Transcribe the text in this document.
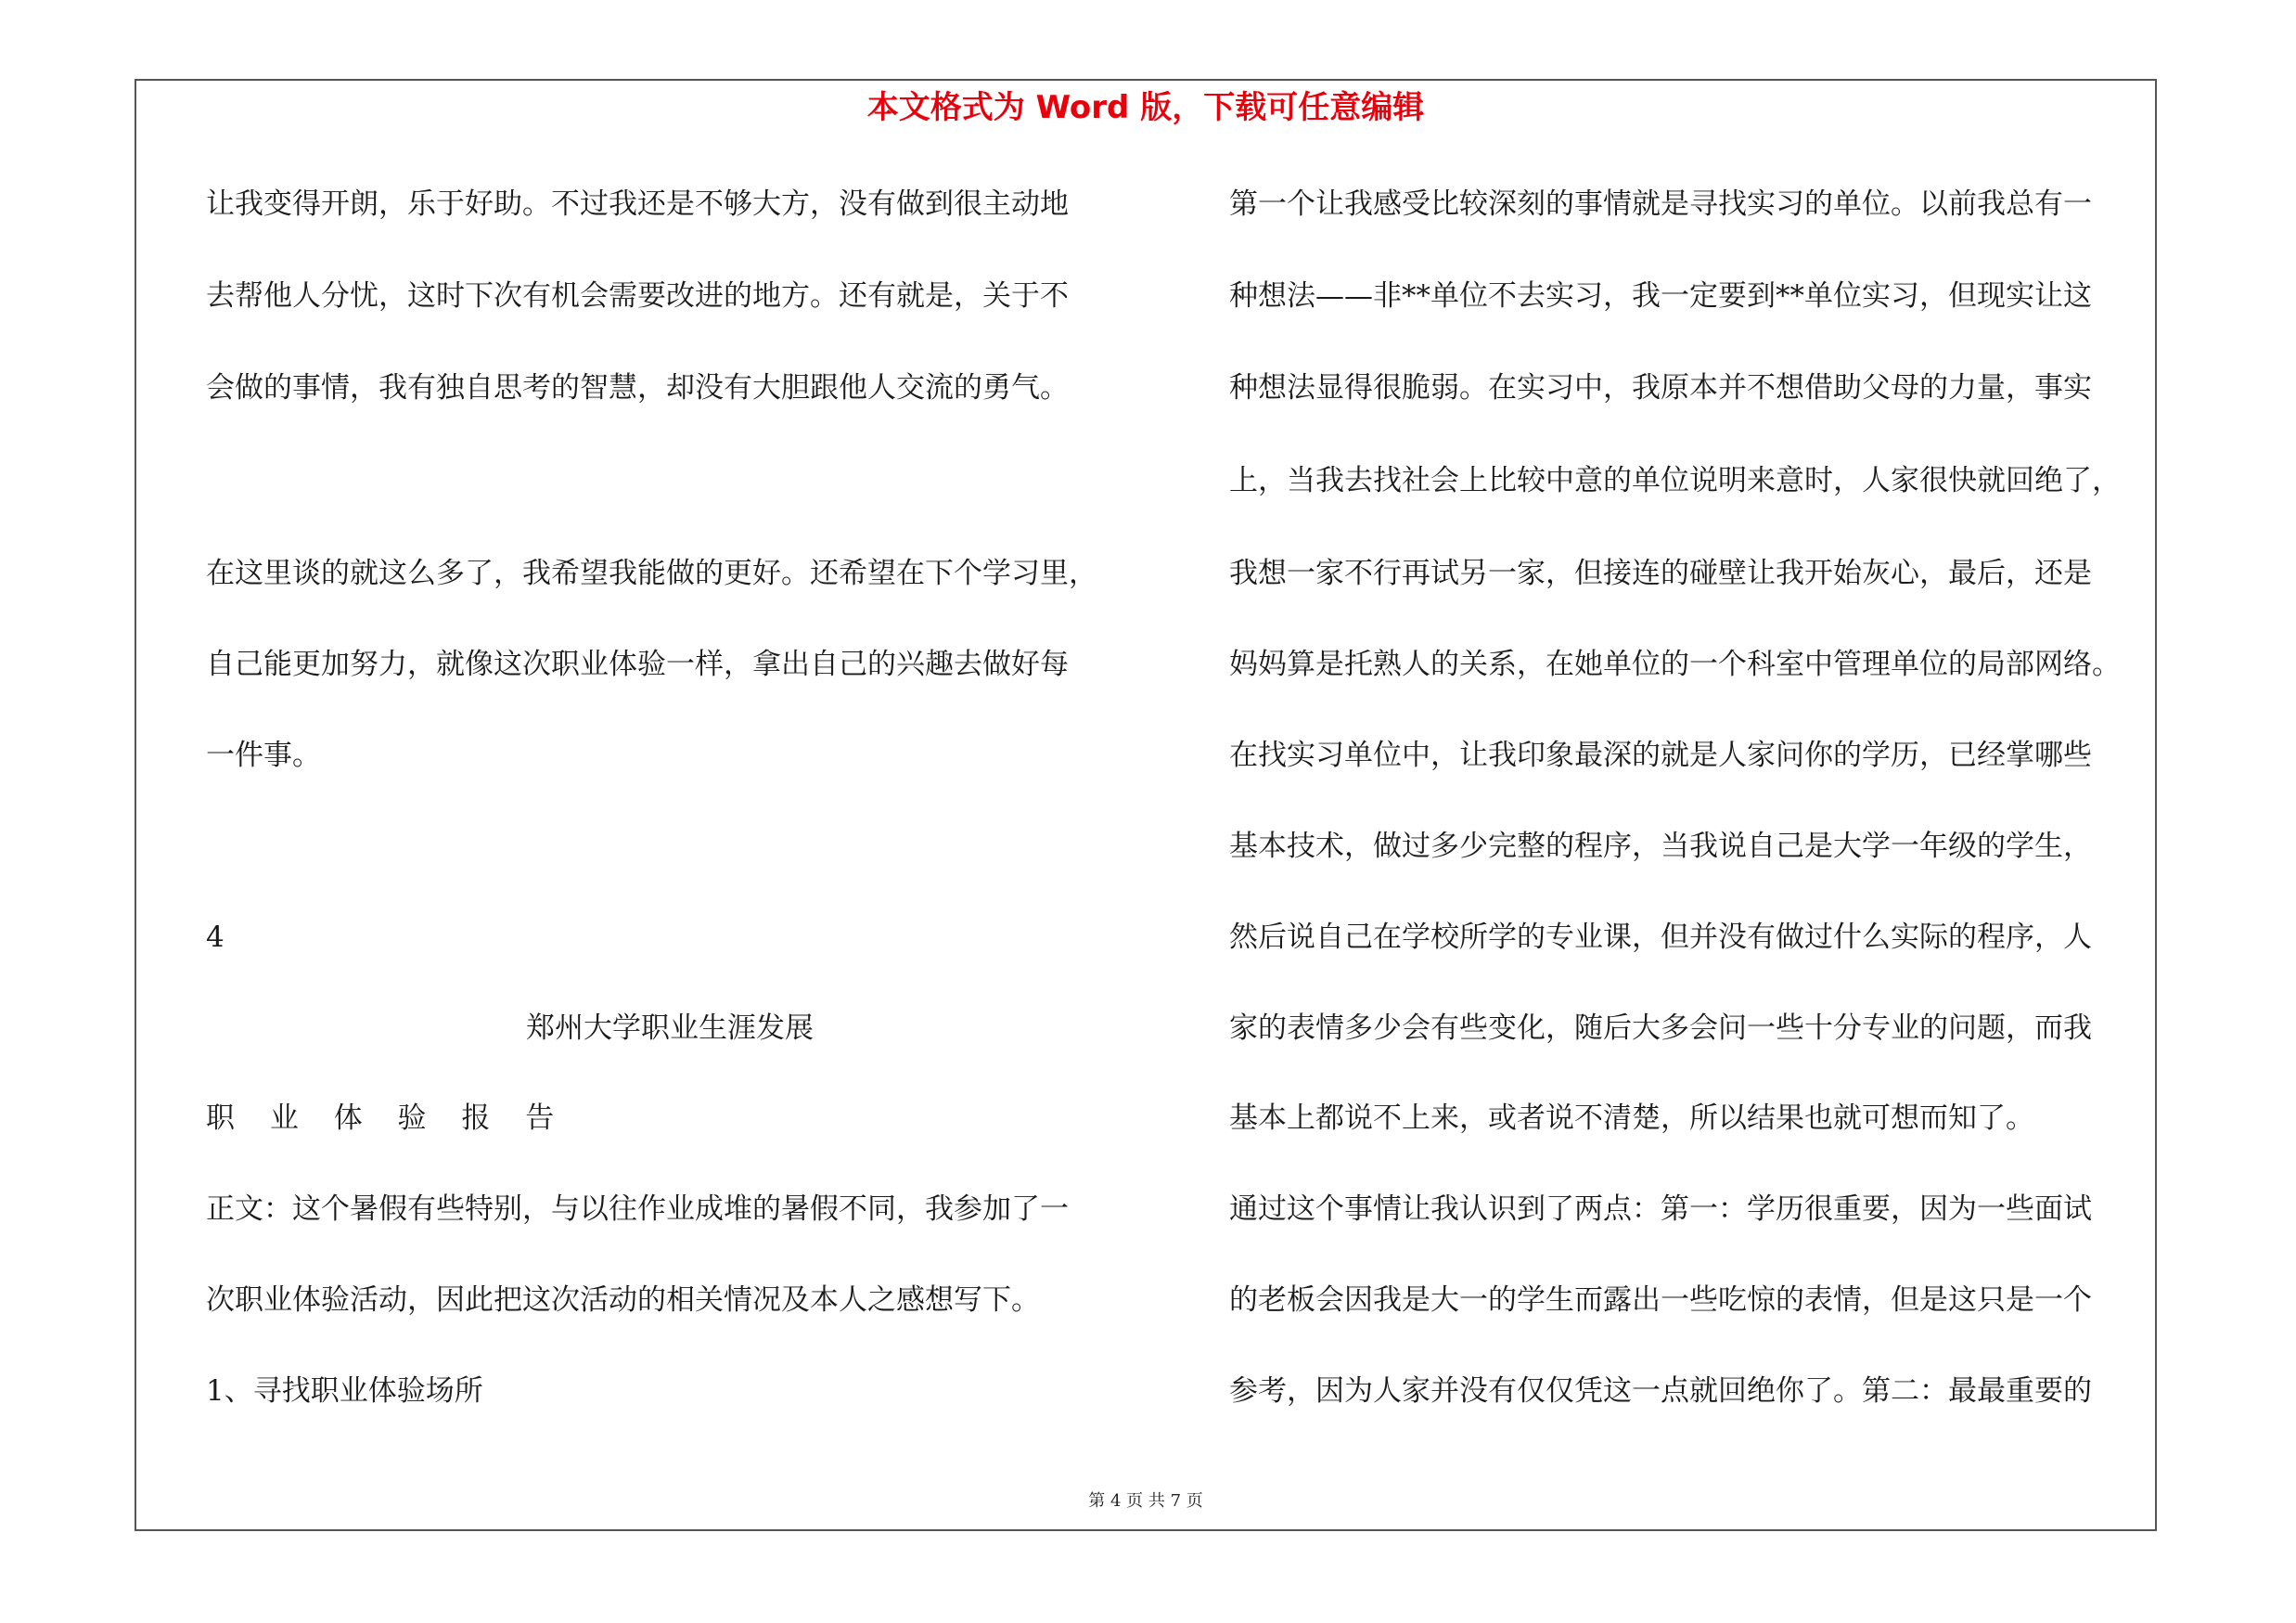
本文格式为 Word 版，下载可任意编辑
让我变得开朗，乐于好助。不过我还是不够大方，没有做到很主动地
去帮他人分忧，这时下次有机会需要改进的地方。还有就是，关于不
会做的事情，我有独自思考的智慧，却没有大胆跟他人交流的勇气。
在这里谈的就这么多了，我希望我能做的更好。还希望在下个学习里，
自己能更加努力，就像这次职业体验一样，拿出自己的兴趣去做好每
一件事。
4
郑州大学职业生涯发展
职 业 体 验 报 告
正文：这个暑假有些特别，与以往作业成堆的暑假不同，我参加了一
次职业体验活动，因此把这次活动的相关情况及本人之感想写下。
1、寻找职业体验场所
第一个让我感受比较深刻的事情就是寻找实习的单位。以前我总有一
种想法——非**单位不去实习，我一定要到**单位实习，但现实让这
种想法显得很脆弱。在实习中，我原本并不想借助父母的力量，事实
上，当我去找社会上比较中意的单位说明来意时，人家很快就回绝了，
我想一家不行再试另一家，但接连的碰壁让我开始灰心，最后，还是
妈妈算是托熟人的关系，在她单位的一个科室中管理单位的局部网络。
在找实习单位中，让我印象最深的就是人家问你的学历，已经掌哪些
基本技术，做过多少完整的程序，当我说自己是大学一年级的学生，
然后说自己在学校所学的专业课，但并没有做过什么实际的程序，人
家的表情多少会有些变化，随后大多会问一些十分专业的问题，而我
基本上都说不上来，或者说不清楚，所以结果也就可想而知了。
通过这个事情让我认识到了两点：第一：学历很重要，因为一些面试
的老板会因我是大一的学生而露出一些吃惊的表情，但是这只是一个
参考，因为人家并没有仅仅凭这一点就回绝你了。第二：最最重要的
第 4 页 共 7 页
